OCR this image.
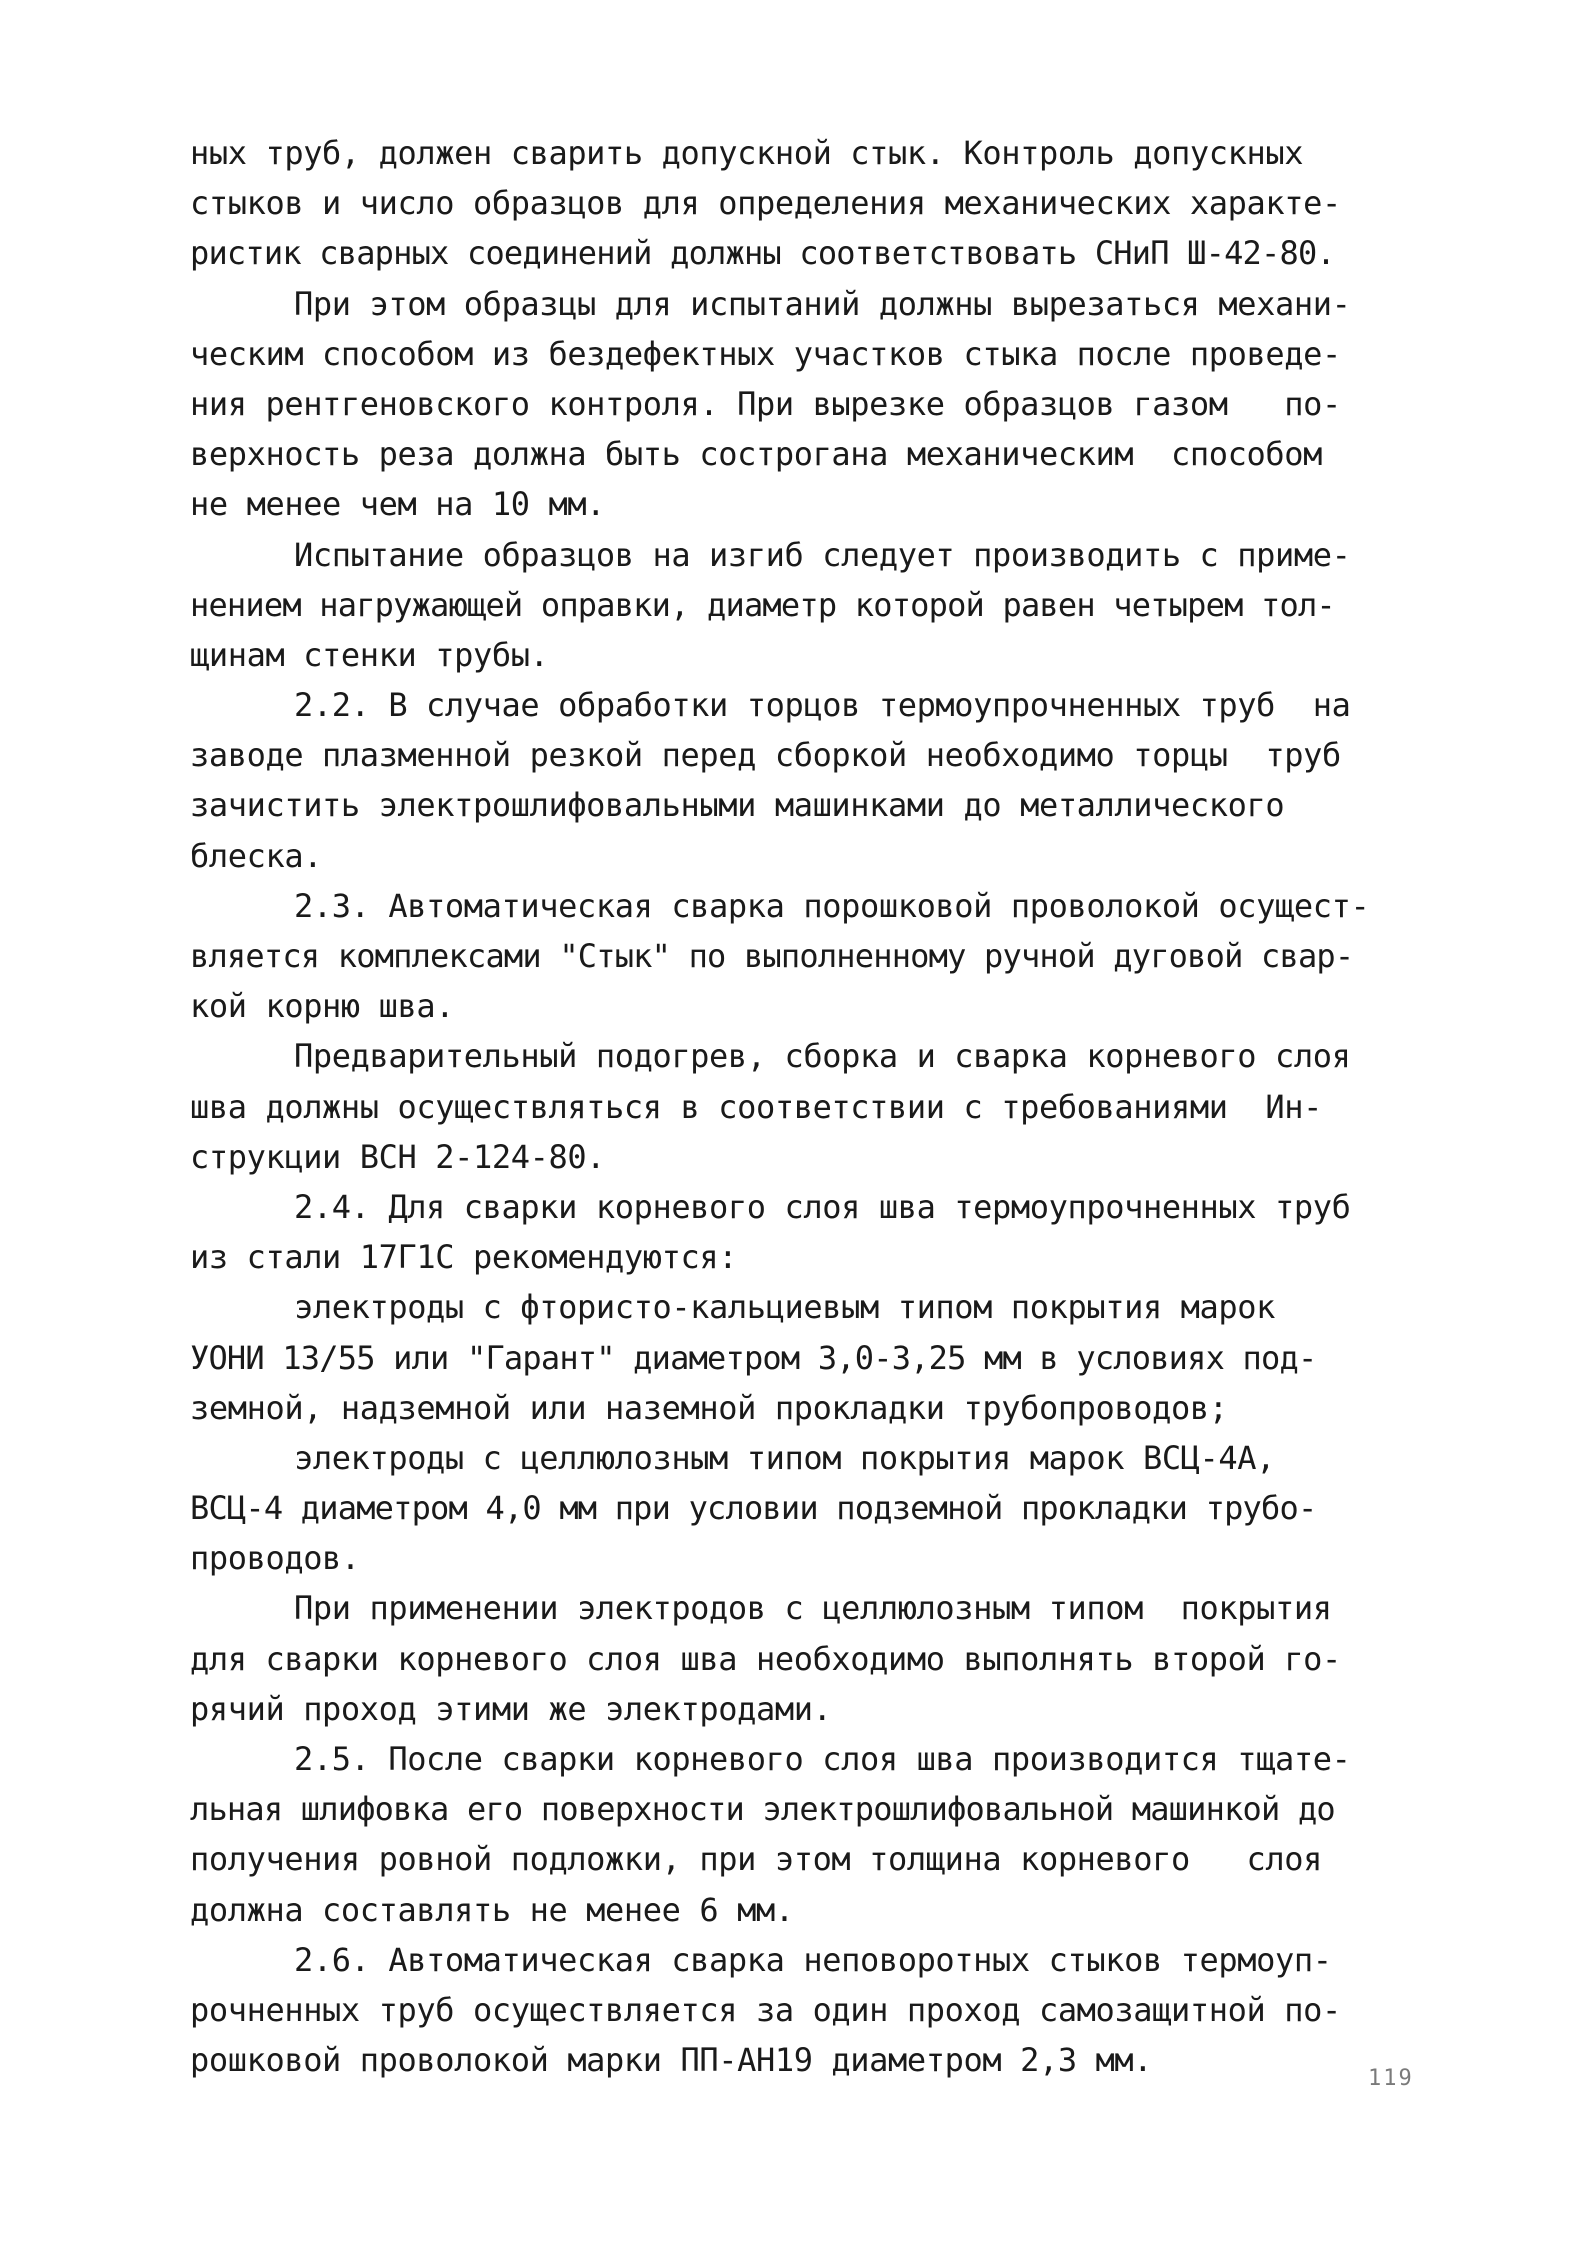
ных труб, должен сварить допускной стык. Контроль допускных
стыков и число образцов для определения механических характе-
ристик сварных соединений должны соответствовать СНиП Ш-42-80.
При этом образцы для испытаний должны вырезаться механи-
ческим способом из бездефектных участков стыка после проведе-
ния рентгеновского контроля. При вырезке образцов газом   по-
верхность реза должна быть сострогана механическим  способом
не менее чем на 10 мм.
Испытание образцов на изгиб следует производить с приме-
нением нагружающей оправки, диаметр которой равен четырем тол-
щинам стенки трубы.
2.2. В случае обработки торцов термоупрочненных труб  на
заводе плазменной резкой перед сборкой необходимо торцы  труб
зачистить электрошлифовальными машинками до металлического
блеска.
2.3. Автоматическая сварка порошковой проволокой осущест-
вляется комплексами "Стык" по выполненному ручной дуговой свар-
кой корню шва.
Предварительный подогрев, сборка и сварка корневого слоя
шва должны осуществляться в соответствии с требованиями  Ин-
струкции ВСН 2-124-80.
2.4. Для сварки корневого слоя шва термоупрочненных труб
из стали 17Г1С рекомендуются:
электроды с фтористо-кальциевым типом покрытия марок
УОНИ 13/55 или "Гарант" диаметром 3,0-3,25 мм в условиях под-
земной, надземной или наземной прокладки трубопроводов;
электроды с целлюлозным типом покрытия марок ВСЦ-4А,
ВСЦ-4 диаметром 4,0 мм при условии подземной прокладки трубо-
проводов.
При применении электродов с целлюлозным типом  покрытия
для сварки корневого слоя шва необходимо выполнять второй го-
рячий проход этими же электродами.
2.5. После сварки корневого слоя шва производится тщате-
льная шлифовка его поверхности электрошлифовальной машинкой до
получения ровной подложки, при этом толщина корневого   слоя
должна составлять не менее 6 мм.
2.6. Автоматическая сварка неповоротных стыков термоуп-
рочненных труб осуществляется за один проход самозащитной по-
рошковой проволокой марки ПП-АН19 диаметром 2,3 мм.	119
